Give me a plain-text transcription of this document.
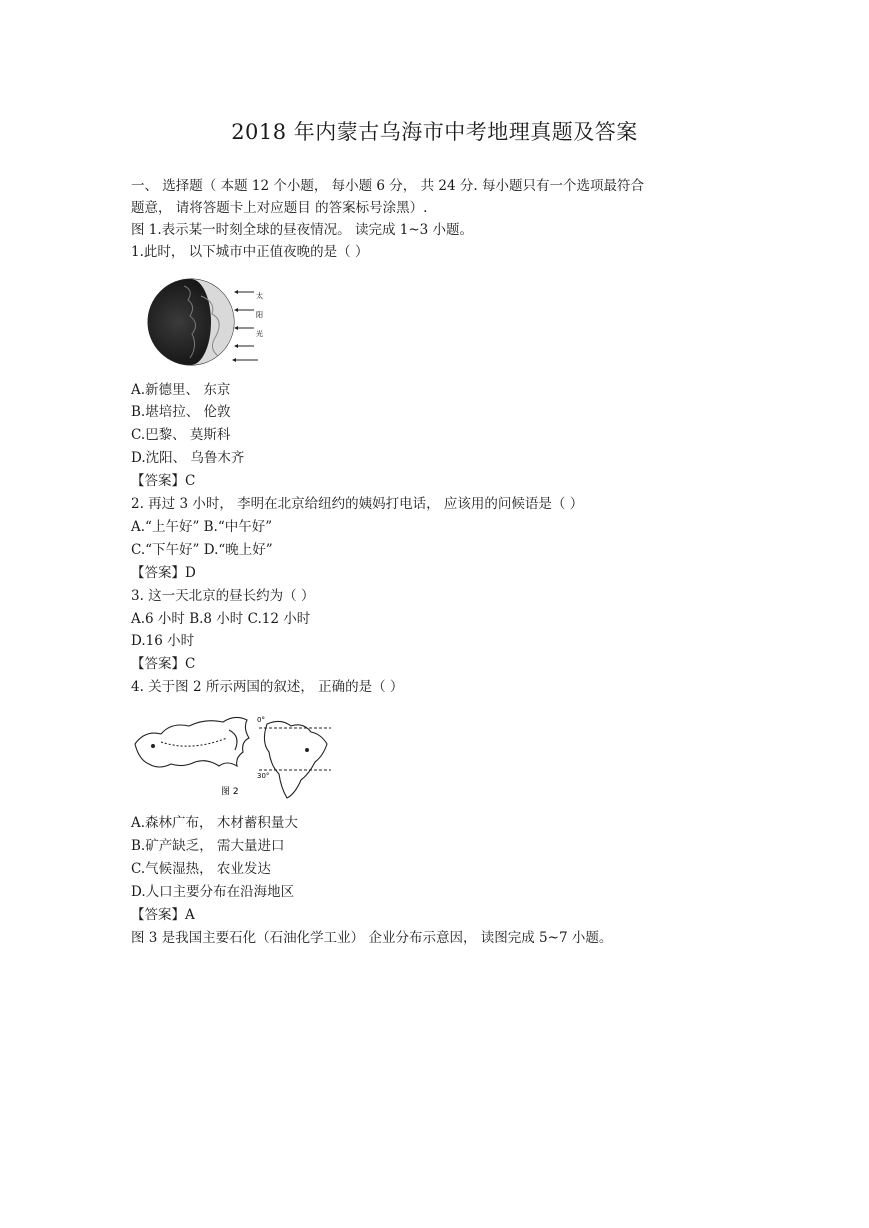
2018 年内蒙古乌海市中考地理真题及答案
一、 选择题（ 本题 12 个小题， 每小题 6 分， 共 24 分. 每小题只有一个选项最符合
题意， 请将答题卡上对应题目 的答案标号涂黑）.
图 1.表示某一时刻全球的昼夜情况。 读完成 1~3 小题。
1.此时， 以下城市中正值夜晚的是（ ）
太
阳
光
A.新德里、 东京
B.堪培拉、 伦敦
C.巴黎、 莫斯科
D.沈阳、 乌鲁木齐
【答案】C
2. 再过 3 小时， 李明在北京给纽约的姨妈打电话， 应该用的问候语是（ ）
A.“上午好” B.“中午好”
C.“下午好” D.“晚上好”
【答案】D
3. 这一天北京的昼长约为（ ）
A.6 小时 B.8 小时 C.12 小时
D.16 小时
【答案】C
4. 关于图 2 所示两国的叙述， 正确的是（ ）
0°
30°
图 2
A.森林广布， 木材蓄积量大
B.矿产缺乏， 需大量进口
C.气候湿热， 农业发达
D.人口主要分布在沿海地区
【答案】A
图 3 是我国主要石化（石油化学工业） 企业分布示意因， 读图完成 5~7 小题。
